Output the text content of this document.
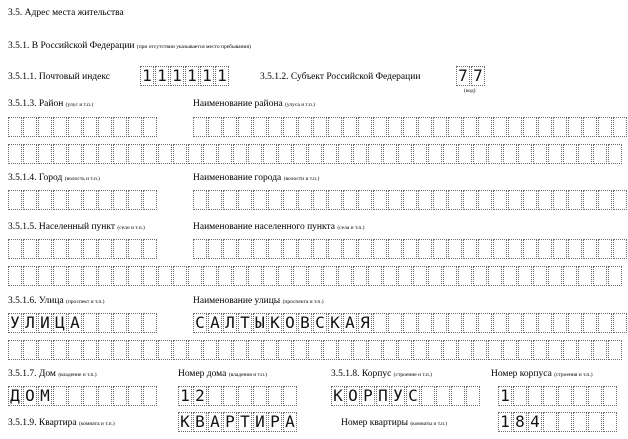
3.5. Адрес места жительства
3.5.1. В Российской Федерации (при отсутствии указывается место пребывания)
3.5.1.1. Почтовый индекс 1 1 1 1 1 1	3.5.1.2. Субъект Российской Федерации 7 7
(код)
3.5.1.3. Район (улус и т.п.)	Наименование района (улуса и т.п.)
3.5.1.4. Город (волость и т.п.)	Наименование города (волости и т.п.)
3.5.1.5. Населенный пункт (село и т.п.)	Наименование населенного пункта (села и т.п.)
3.5.1.6. Улица (проспект и т.п.)	Наименование улицы (проспекта и т.п.)
У Л И Ц А	С А Л Т Ы К О В С К А Я
3.5.1.7. Дом (владение и т.п.)	Номер дома (владения и т.п.)	3.5.1.8. Корпус (строение и т.п.)	Номер корпуса (строения и т.п.)
Д О М	1 2	К О Р П У С	1
3.5.1.9. Квартира (комната и т.п.)	К В А Р Т И Р А	Номер квартиры (комнаты и т.п.)	1 8 4
